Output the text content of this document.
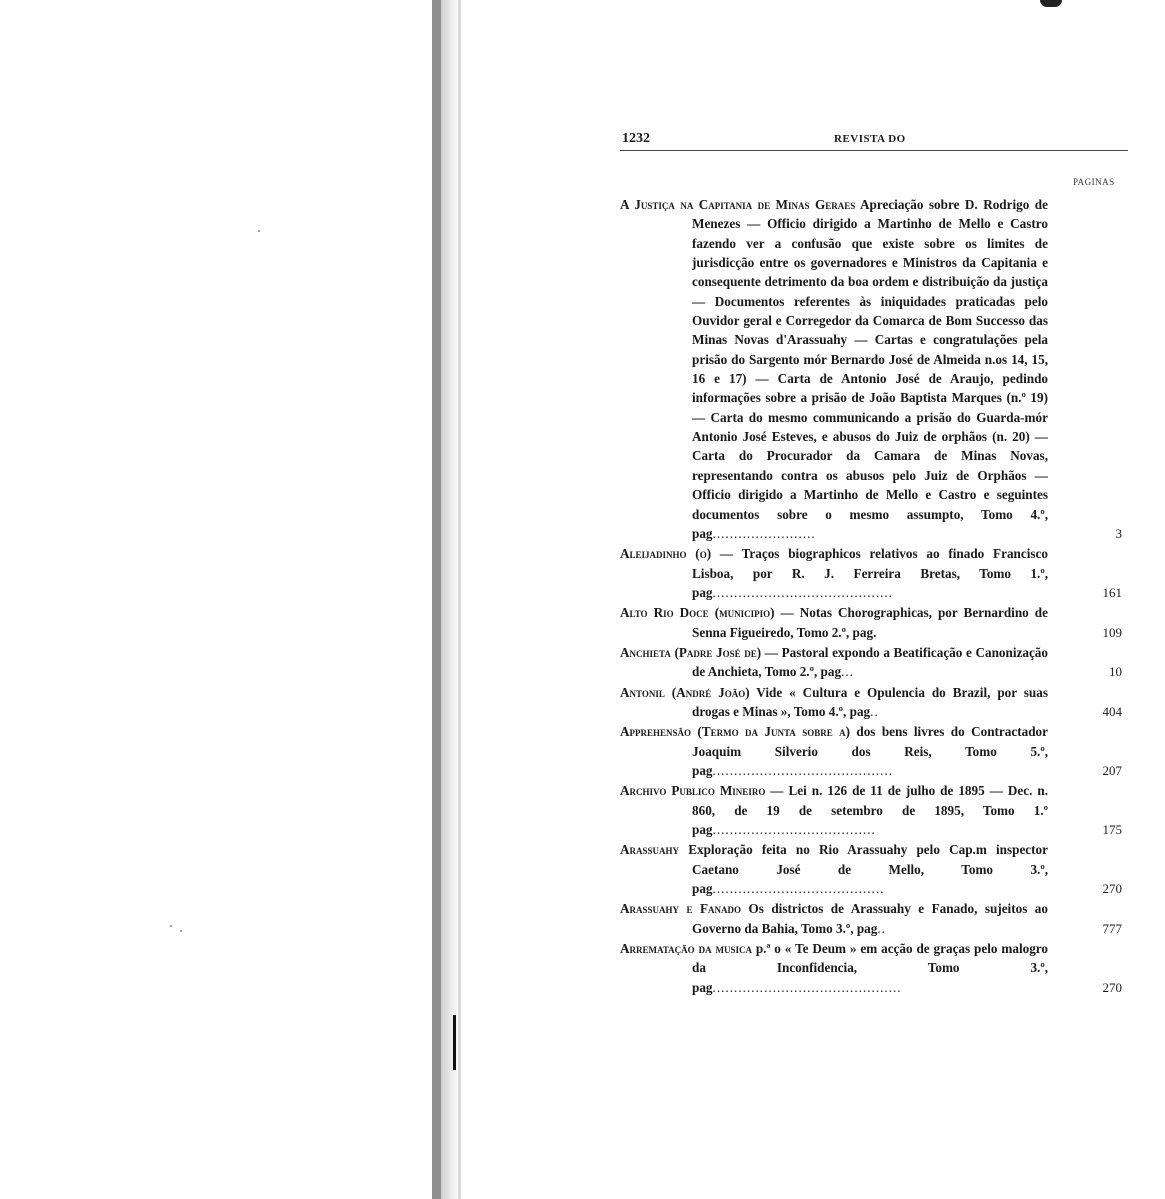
1232	REVISTA DO
PAGINAS
A Justiça na Capitania de Minas Geraes Apreciação sobre D. Rodrigo de Menezes — Officio dirigido a Martinho de Mello e Castro fazendo ver a confusão que existe sobre os limites de jurisdicção entre os governadores e Ministros da Capitania e consequente detrimento da boa ordem e distribuição da justiça — Documentos referentes às iniquidades praticadas pelo Ouvidor geral e Corregedor da Comarca de Bom Successo das Minas Novas d'Arassuahy — Cartas e congratulações pela prisão do Sargento mór Bernardo José de Almeida n.os 14, 15, 16 e 17) — Carta de Antonio José de Araujo, pedindo informações sobre a prisão de João Baptista Marques (n.º 19) — Carta do mesmo communicando a prisão do Guarda-mór Antonio José Esteves, e abusos do Juiz de orphãos (n. 20) — Carta do Procurador da Camara de Minas Novas, representando contra os abusos pelo Juiz de Orphãos — Officio dirigido a Martinho de Mello e Castro e seguintes documentos sobre o mesmo assumpto, Tomo 4.º, pag........................	3
Aleijadinho (o) — Traços biographicos relativos ao finado Francisco Lisboa, por R. J. Ferreira Bretas, Tomo 1.º, pag..........................................	161
Alto Rio Doce (municipio) — Notas Chorographicas, por Bernardino de Senna Figueiredo, Tomo 2.º, pag.	109
Anchieta (Padre José de) — Pastoral expondo a Beatificação e Canonização de Anchieta, Tomo 2.º, pag...	10
Antonil (André João) Vide « Cultura e Opulencia do Brazil, por suas drogas e Minas », Tomo 4.º, pag..	404
Apprehensão (Termo da Junta sobre a) dos bens livres do Contractador Joaquim Silverio dos Reis, Tomo 5.º, pag..........................................	207
Archivo Publico Mineiro — Lei n. 126 de 11 de julho de 1895 — Dec. n. 860, de 19 de setembro de 1895, Tomo 1.º pag......................................	175
Arassuahy Exploração feita no Rio Arassuahy pelo Cap.m inspector Caetano José de Mello, Tomo 3.º, pag........................................	270
Arassuahy e Fanado Os districtos de Arassuahy e Fanado, sujeitos ao Governo da Bahia, Tomo 3.º, pag..	777
Arrematação da musica p.ª o « Te Deum » em acção de graças pelo malogro da Inconfidencia, Tomo 3.º, pag............................................	270
